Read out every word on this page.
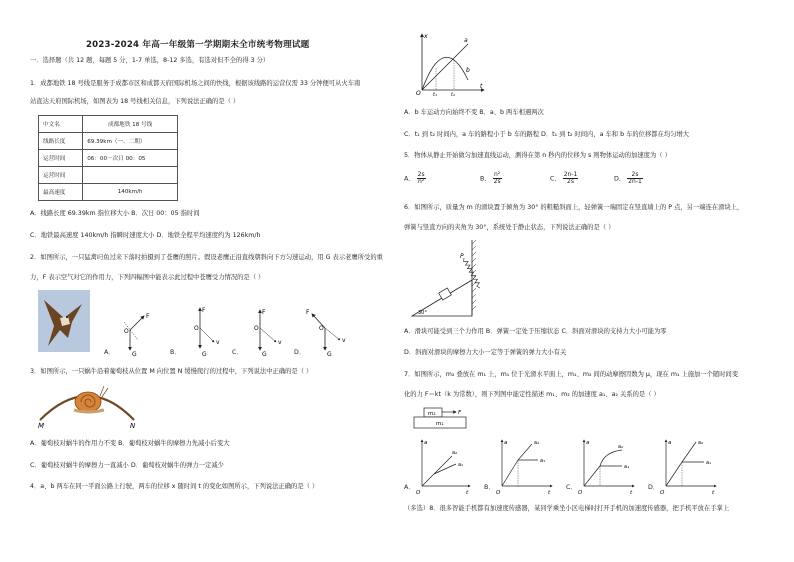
2023-2024 年高一年级第一学期期末全市统考物理试题
一．选择题（共 12 题，每题 5 分，1-7 单选，8-12 多选，有选对但不全的得 3 分）
1．成都地铁 18 号线是服务于成都市区和成都天府国际机场之间的快线，根据该线路的运营仅需 33 分钟便可从火车南
站直达天府国际机场，如图表为 18 号线相关信息，下列说法正确的是（ ）
中文名	成都地铁 18 号线
线路长度	69.39km（一、二期）
运营时间	06：00－次日 00：05
运营时间	
最高速度	140km/h
A．线路长度 69.39km 指位移大小 B．次日 00：05 指时间
C．地铁最高速度 140km/h 指瞬时速度大小 D．地铁全程平均速度约为 126km/h
2．如图所示，一只猛禽叼鱼过来下落时拍摄到了苍鹰的照片。假设老鹰正沿直线朝斜向下方匀速运动，用 G 表示老鹰所受的重
力，F 表示空气对它的作用力，下列四幅图中能表示此过程中苍鹰受力情况的是（ ）
O
F
G
F
O
v
G
F
O
v
G
F
O
v
G
A．	B．	C．	D．
3．如图所示，一只蜗牛沿着葡萄枝从位置 M 向位置 N 缓慢爬行的过程中，下列说法中正确的是（ ）
M	N
A．葡萄枝对蜗牛的作用力不变 B．葡萄枝对蜗牛的摩擦力先减小后变大
C．葡萄枝对蜗牛的摩擦力一直减小 D．葡萄枝对蜗牛的弹力一定减少
4．a、b 两车在同一平面公路上行驶，两车的位移 x 随时间 t 的变化如图所示，下列说法正确的是（ ）
x
t
O
a
b
t₁	t₂
A．b 车运动方向始终不变 B．a、b 两车相遇两次
C．t₁ 到 t₂ 时间内，a 车的路程小于 b 车的路程 D．t₁ 到 t₂ 时间内，a 车和 b 车的位移都在均匀增大
5．物体从静止开始做匀加速直线运动，测得在第 n 秒内的位移为 s 则物体运动的加速度为（ ）
A． $\frac{2s}{\text{n²}}$	B． $\frac{\text{n²}}{2s}$	C． $\frac{2n-1}{2s}$	D． $\frac{2s}{2n-1}$
6．如图所示，质量为 m 的滑块置于倾角为 30° 的粗糙斜面上，轻弹簧一端固定在竖直墙上的 P 点，另一端连在滑块上，
弹簧与竖直方向的夹角为 30°，系统处于静止状态，下列说法正确的是（ ）
P
30°
A．滑块可能受到三个力作用 B．弹簧一定处于压缩状态 C．斜面对滑块的支持力大小可能为零
D．斜面对滑块的摩擦力大小一定等于弹簧的弹力大小有关
7．如图所示，m₂ 叠放在 m₁ 上，m₁ 位于光滑水平面上，m₁、m₂ 间的动摩擦因数为 μ，现在 m₁ 上施加一个随时间变
化的力 F＝kt（k 为常数），则下列图中能定性描述 m₁、m₂ 的加速度 a₁、a₂ 关系的是（ ）
m₂
m₁
F
a
t
O
a₂
a₁
a
t
O
a₂
a₁
a
t
O
a₂
a₁
a
t
O
a₂
a₁
A．	B．	C．	D．
（多选）8．很多智能手机都有加速度传感器，某同学乘坐小区电梯时打开手机的加速度传感器，把手机平放在手掌上
